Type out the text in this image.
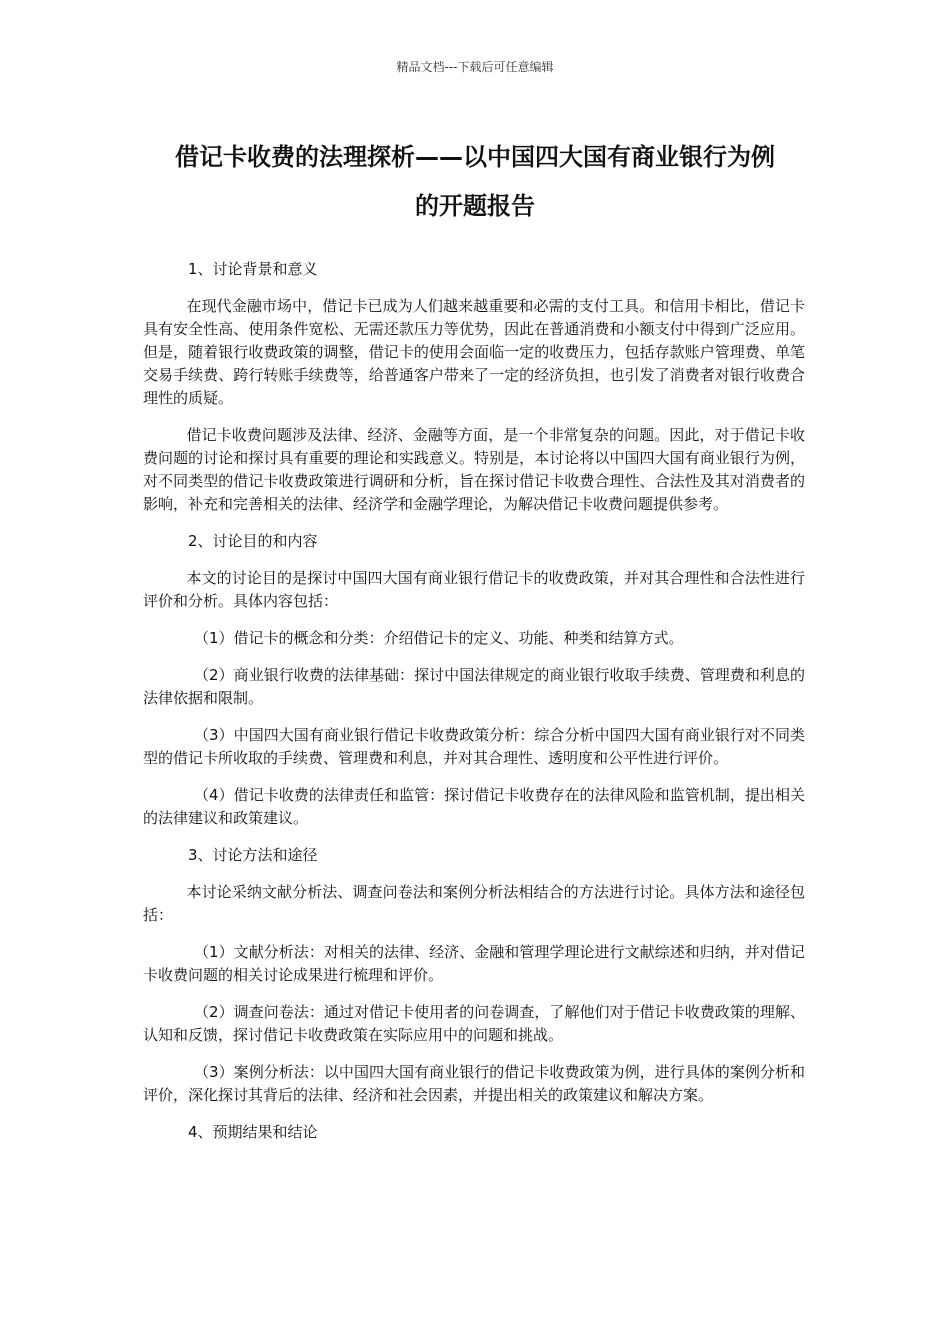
精品文档---下载后可任意编辑
借记卡收费的法理探析——以中国四大国有商业银行为例
的开题报告

1、讨论背景和意义

在现代金融市场中，借记卡已成为人们越来越重要和必需的支付工具。和信用卡相比，借记卡具有安全性高、使用条件宽松、无需还款压力等优势，因此在普通消费和小额支付中得到广泛应用。但是，随着银行收费政策的调整，借记卡的使用会面临一定的收费压力，包括存款账户管理费、单笔交易手续费、跨行转账手续费等，给普通客户带来了一定的经济负担，也引发了消费者对银行收费合理性的质疑。

借记卡收费问题涉及法律、经济、金融等方面，是一个非常复杂的问题。因此，对于借记卡收费问题的讨论和探讨具有重要的理论和实践意义。特别是，本讨论将以中国四大国有商业银行为例，对不同类型的借记卡收费政策进行调研和分析，旨在探讨借记卡收费合理性、合法性及其对消费者的影响，补充和完善相关的法律、经济学和金融学理论，为解决借记卡收费问题提供参考。

2、讨论目的和内容

本文的讨论目的是探讨中国四大国有商业银行借记卡的收费政策，并对其合理性和合法性进行评价和分析。具体内容包括：

（1）借记卡的概念和分类：介绍借记卡的定义、功能、种类和结算方式。

（2）商业银行收费的法律基础：探讨中国法律规定的商业银行收取手续费、管理费和利息的法律依据和限制。

（3）中国四大国有商业银行借记卡收费政策分析：综合分析中国四大国有商业银行对不同类型的借记卡所收取的手续费、管理费和利息，并对其合理性、透明度和公平性进行评价。

（4）借记卡收费的法律责任和监管：探讨借记卡收费存在的法律风险和监管机制，提出相关的法律建议和政策建议。

3、讨论方法和途径

本讨论采纳文献分析法、调查问卷法和案例分析法相结合的方法进行讨论。具体方法和途径包括：

（1）文献分析法：对相关的法律、经济、金融和管理学理论进行文献综述和归纳，并对借记卡收费问题的相关讨论成果进行梳理和评价。

（2）调查问卷法：通过对借记卡使用者的问卷调查，了解他们对于借记卡收费政策的理解、认知和反馈，探讨借记卡收费政策在实际应用中的问题和挑战。

（3）案例分析法：以中国四大国有商业银行的借记卡收费政策为例，进行具体的案例分析和评价，深化探讨其背后的法律、经济和社会因素，并提出相关的政策建议和解决方案。

4、预期结果和结论
